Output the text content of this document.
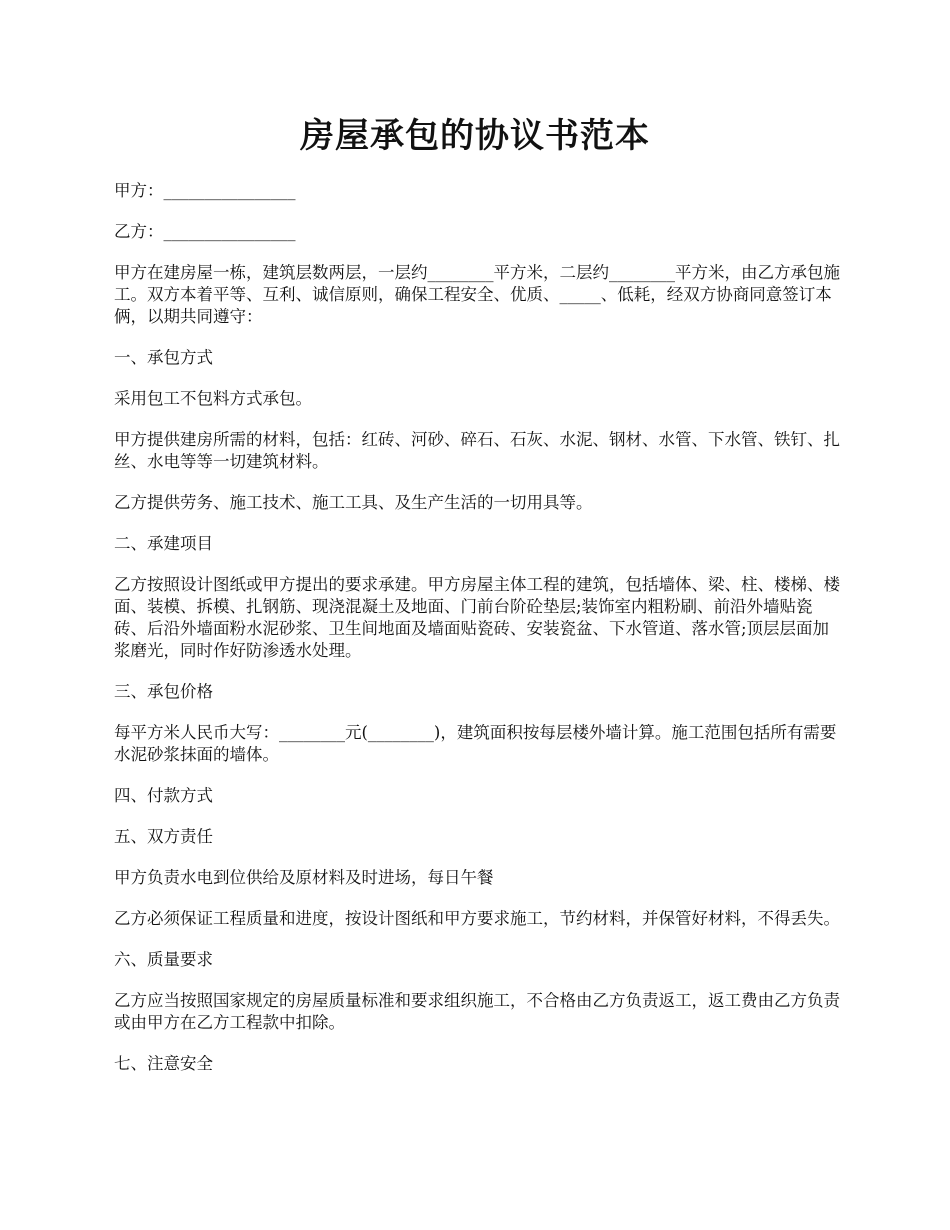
房屋承包的协议书范本

甲方：________________

乙方：________________

甲方在建房屋一栋，建筑层数两层，一层约________平方米，二层约________平方米，由乙方承包施工。双方本着平等、互利、诚信原则，确保工程安全、优质、_____、低耗，经双方协商同意签订本俩，以期共同遵守：

一、承包方式

采用包工不包料方式承包。

甲方提供建房所需的材料，包括：红砖、河砂、碎石、石灰、水泥、钢材、水管、下水管、铁钉、扎丝、水电等等一切建筑材料。

乙方提供劳务、施工技术、施工工具、及生产生活的一切用具等。

二、承建项目

乙方按照设计图纸或甲方提出的要求承建。甲方房屋主体工程的建筑，包括墙体、梁、柱、楼梯、楼面、装模、拆模、扎钢筋、现浇混凝土及地面、门前台阶砼垫层;装饰室内粗粉刷、前沿外墙贴瓷砖、后沿外墙面粉水泥砂浆、卫生间地面及墙面贴瓷砖、安装瓷盆、下水管道、落水管;顶层层面加浆磨光，同时作好防渗透水处理。

三、承包价格

每平方米人民币大写：________元(________)，建筑面积按每层楼外墙计算。施工范围包括所有需要水泥砂浆抹面的墙体。

四、付款方式

五、双方责任

甲方负责水电到位供给及原材料及时进场，每日午餐

乙方必须保证工程质量和进度，按设计图纸和甲方要求施工，节约材料，并保管好材料，不得丢失。

六、质量要求

乙方应当按照国家规定的房屋质量标准和要求组织施工，不合格由乙方负责返工，返工费由乙方负责或由甲方在乙方工程款中扣除。

七、注意安全
